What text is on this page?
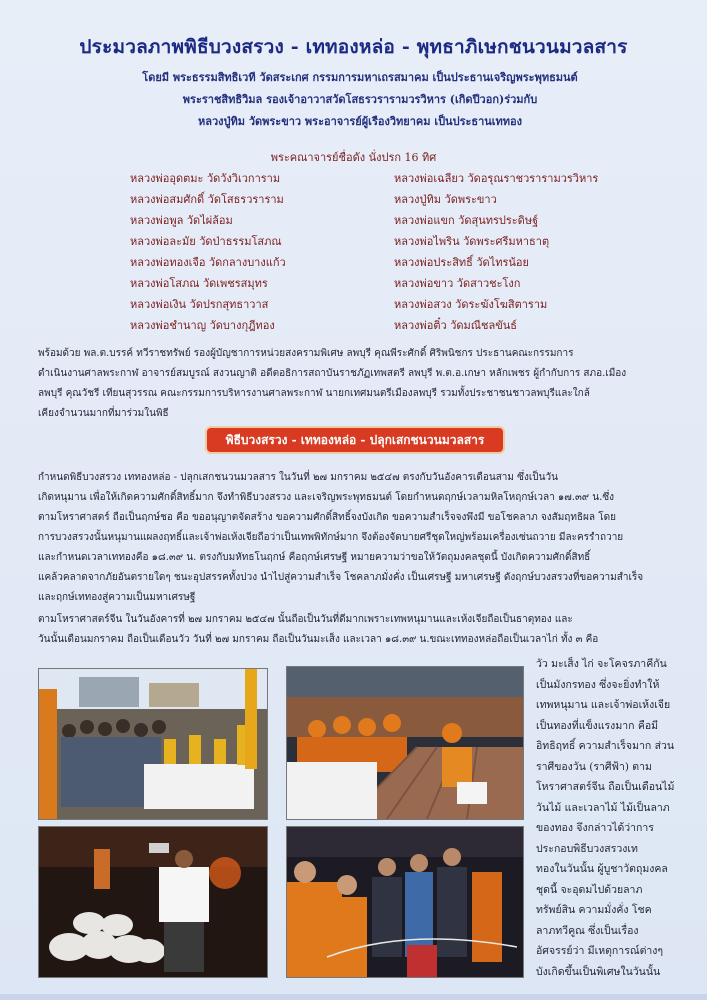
ประมวลภาพพิธีบวงสรวง - เททองหล่อ - พุทธาภิเษกชนวนมวลสาร
โดยมี พระธรรมสิทธิเวที วัดสระเกศ กรรมการมหาเถรสมาคม เป็นประธานเจริญพระพุทธมนต์
พระราชสิทธิวิมล รองเจ้าอาวาสวัดโสธรวรารามวรวิหาร (เกิดปีวอก)ร่วมกับ
หลวงปู่ทิม วัดพระขาว พระอาจารย์ผู้เรืองวิทยาคม เป็นประธานเททอง
พระคณาจารย์ชื่อดัง นั่งปรก 16 ทิศ
หลวงพ่ออุดตมะ วัดวังวิเวการาม
หลวงพ่อสมศักดิ์ วัดโสธรวราราม
หลวงพ่อพูล วัดไผ่ล้อม
หลวงพ่อละมัย วัดป่าธรรมโสภณ
หลวงพ่อทองเจือ วัดกลางบางแก้ว
หลวงพ่อโสภณ วัดเพชรสมุทร
หลวงพ่อเงิน วัดปรกสุทธาวาส
หลวงพ่อชำนาญ วัดบางกุฎีทอง
หลวงพ่อเฉลียว วัดอรุณราชวรารามวรวิหาร
หลวงปู่ทิม วัดพระขาว
หลวงพ่อแขก วัดสุนทรประดิษฐ์
หลวงพ่อไพริน วัดพระศรีมหาธาตุ
หลวงพ่อประสิทธิ์ วัดไทรน้อย
หลวงพ่อขาว วัดสาวชะโงก
หลวงพ่อสวง วัดระฆังโฆสิตาราม
หลวงพ่อติ๋ว วัดมณีชลขันธ์
พร้อมด้วย พล.ต.บรรค์ ทวีราชทรัพย์ รองผู้บัญชาการหน่วยสงครามพิเศษ ลพบุรี คุณพีระศักดิ์ ศิริพนิชกร ประธานคณะกรรมการ
ดำเนินงานศาลพระกาฬ อาจารย์สมบูรณ์ สงวนญาติ อดีตอธิการสถาบันราชภัฏเทพสตรี ลพบุรี พ.ต.อ.เกษา หลักเพชร ผู้กำกับการ สภอ.เมือง
ลพบุรี คุณวัชรี เทียนสุวรรณ คณะกรรมการบริหารงานศาลพระกาฬ นายกเทศมนตรีเมืองลพบุรี รวมทั้งประชาชนชาวลพบุรีและใกล้
เคียงจำนวนมากที่มาร่วมในพิธี
พิธีบวงสรวง - เททองหล่อ - ปลุกเสกชนวนมวลสาร
กำหนดพิธีบวงสรวง เททองหล่อ - ปลุกเสกชนวนมวลสาร ในวันที่ ๒๗ มกราคม ๒๕๔๗ ตรงกับวันอังคารเดือนสาม ซึ่งเป็นวัน
เกิดหนุมาน เพื่อให้เกิดความศักดิ์สิทธิ์มาก จึงทำพิธีบวงสรวง และเจริญพระพุทธมนต์ โดยกำหนดฤกษ์เวลามหิลโหฤกษ์เวลา ๑๗.๓๙ น.ซึ่ง
ตามโหราศาสตร์ ถือเป็นฤกษ์ชอ คือ ขออนุญาตจัดสร้าง ขอความศักดิ์สิทธิ์จงบังเกิด ขอความสำเร็จจงพึงมี ขอโชคลาภ จงสัมฤทธิผล โดย
การบวงสรวงนั้นหนุมานแผลงฤทธิ์และเจ้าพ่อเห้งเจียถือว่าเป็นเทพพิทักษ์มาก จึงต้องจัดบายศรีชุดใหญ่พร้อมเครื่องเซ่นถวาย มีละครรำถวาย
และกำหนดเวลาเททองคือ ๑๘.๓๙ น. ตรงกับมหัทธโนฤกษ์ คือฤกษ์เศรษฐี หมายความว่าขอให้วัตถุมงคลชุดนี้ บังเกิดความศักดิ์สิทธิ์
แคล้วคลาดจากภัยอันตรายใดๆ ชนะอุปสรรคทั้งปวง นำไปสู่ความสำเร็จ โชคลาภมั่งคั่ง เป็นเศรษฐี มหาเศรษฐี ดังฤกษ์บวงสรวงที่ขอความสำเร็จ
และฤกษ์เททองสู่ความเป็นมหาเศรษฐี
ตามโหราศาสตร์จีน ในวันอังคารที่ ๒๗ มกราคม ๒๕๔๗ นั้นถือเป็นวันที่ดีมากเพราะเทพหนุมานและเห้งเจียถือเป็นธาตุทอง และ
วันนั้นเดือนมกราคม ถือเป็นเดือนวัว วันที่ ๒๗ มกราคม ถือเป็นวันมะเส็ง และเวลา ๑๘.๓๙ น.ขณะเททองหล่อถือเป็นเวลาไก่ ทั้ง ๓ คือ
วัว มะเส็ง ไก่ จะโคจรภาคีกัน
เป็นมังกรทอง ซึ่งจะยิ่งทำให้
เทพหนุมาน และเจ้าพ่อเห้งเจีย
เป็นทองที่แข็งแรงมาก คือมี
อิทธิฤทธิ์ ความสำเร็จมาก ส่วน
ราศีของวัน (ราศีฟ้า) ตาม
โหราศาสตร์จีน ถือเป็นเดือนไม้
วันไม้ และเวลาไม้ ไม้เป็นลาภ
ของทอง จึงกล่าวได้ว่าการ
ประกอบพิธีบวงสรวงเท
ทองในวันนั้น ผู้บูชาวัตถุมงคล
ชุดนี้ จะอุดมไปด้วยลาภ
ทรัพย์สิน ความมั่งคั่ง โชค
ลาภทวีคูณ ซึ่งเป็นเรื่อง
อัศจรรย์ว่า มีเหตุการณ์ต่างๆ
บังเกิดขึ้นเป็นพิเศษในวันนั้น
